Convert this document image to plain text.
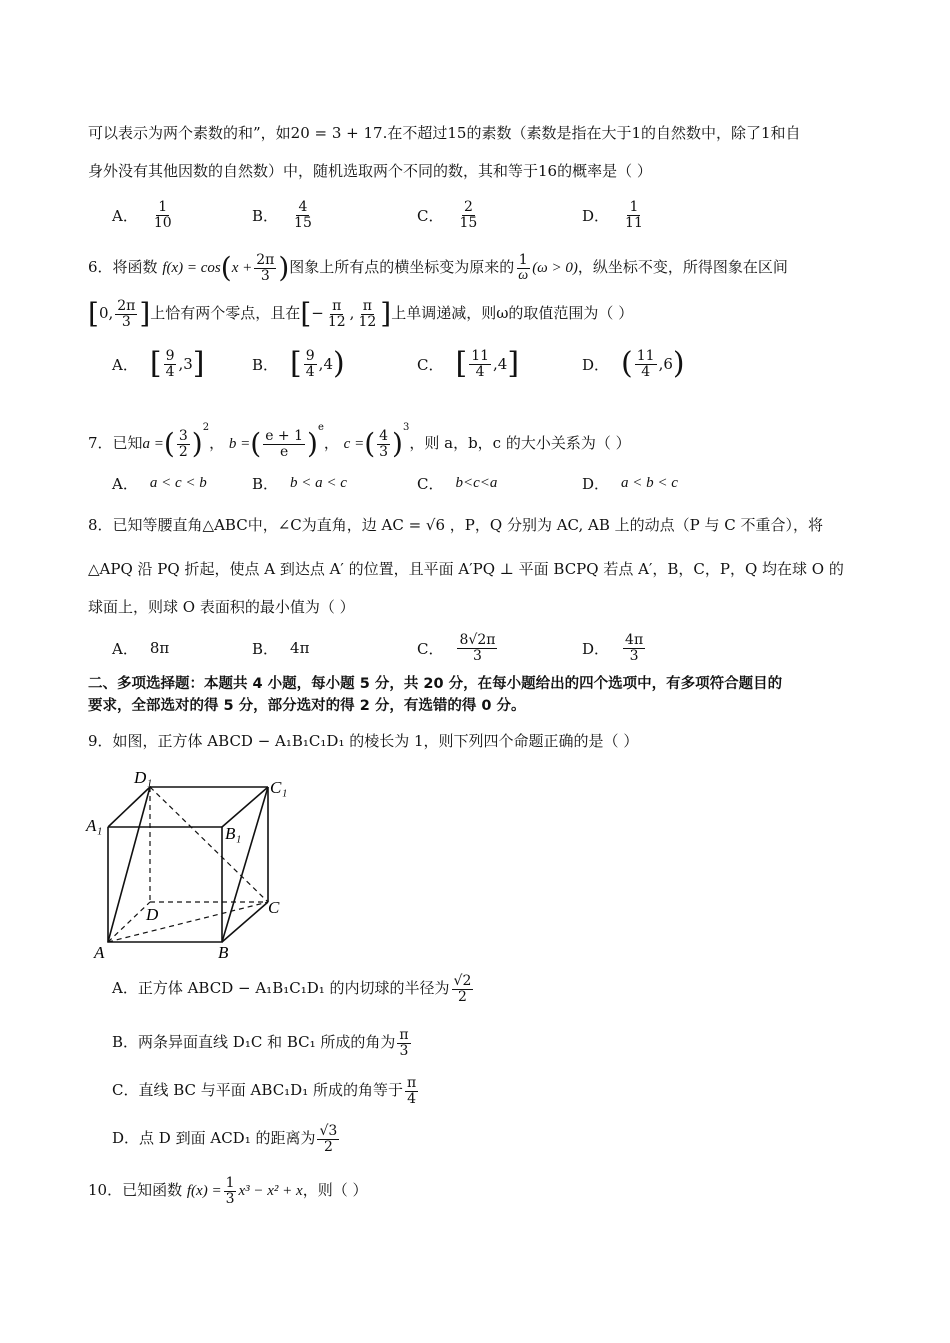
可以表示为两个素数的和”，如20 = 3 + 17.在不超过15的素数（素数是指在大于1的自然数中，除了1和自
身外没有其他因数的自然数）中，随机选取两个不同的数，其和等于16的概率是（ ）
A． $\frac{1}{10}$	B． $\frac{4}{15}$	C． $\frac{2}{15}$	D． $\frac{1}{11}$
6．将函数 $f(x) = \cos(x + \frac{2\pi}{3}$ )图象上所有点的横坐标变为原来的 $\frac{1}{\omega} (\omega > 0)$，纵坐标不变，所得图象在区间
[0, $\frac{2\pi}{3}$ ]上恰有两个零点，且在[− $\frac{\pi}{12}$ , $\frac{\pi}{12}$ ]上单调递减，则ω的取值范围为（ ）
A． [ $\frac{9}{4} ,3$ ]	B． [ $\frac{9}{4} ,4$ )	C． [ $\frac{11}{4} ,4$ ]	D． ( $\frac{11}{4} ,6$ )
7．已知a =( $\frac{3}{2} )^2$， b =( $\frac{e + 1}{e} )^e$， c =( $\frac{4}{3} )^3$，则 a，b，c 的大小关系为（ ）
A． a < c < b	B． b < a < c	C． b<c<a	D． a < b < c
8．已知等腰直角△ABC中，∠C为直角，边 AC = √6 ，P，Q 分别为 AC, AB 上的动点（P 与 C 不重合），将
△APQ 沿 PQ 折起，使点 A 到达点 A′ 的位置，且平面 A′PQ ⊥ 平面 BCPQ 若点 A′，B，C，P，Q 均在球 O 的
球面上，则球 O 表面积的最小值为（ ）
A． 8π	B． 4π	C． $\frac{8√2\pi}{3}$	D． $\frac{4\pi}{3}$
二、多项选择题：本题共 4 小题，每小题 5 分，共 20 分，在每小题给出的四个选项中，有多项符合题目的
要求，全部选对的得 5 分，部分选对的得 2 分，有选错的得 0 分。
9．如图，正方体 ABCD − A₁B₁C₁D₁ 的棱长为 1，则下列四个命题正确的是（ ）
D₁
C₁
A₁	B₁
D	C
A	B
A．正方体 ABCD − A₁B₁C₁D₁ 的内切球的半径为 $\frac{√2}{2}$
B．两条异面直线 D₁C 和 BC₁ 所成的角为 $\frac{\pi}{3}$
C．直线 BC 与平面 ABC₁D₁ 所成的角等于 $\frac{\pi}{4}$
D．点 D 到面 ACD₁ 的距离为 $\frac{√3}{2}$
10．已知函数 $f(x) = \frac{1}{3} x^3 - x^2 + x$，则（ ）
